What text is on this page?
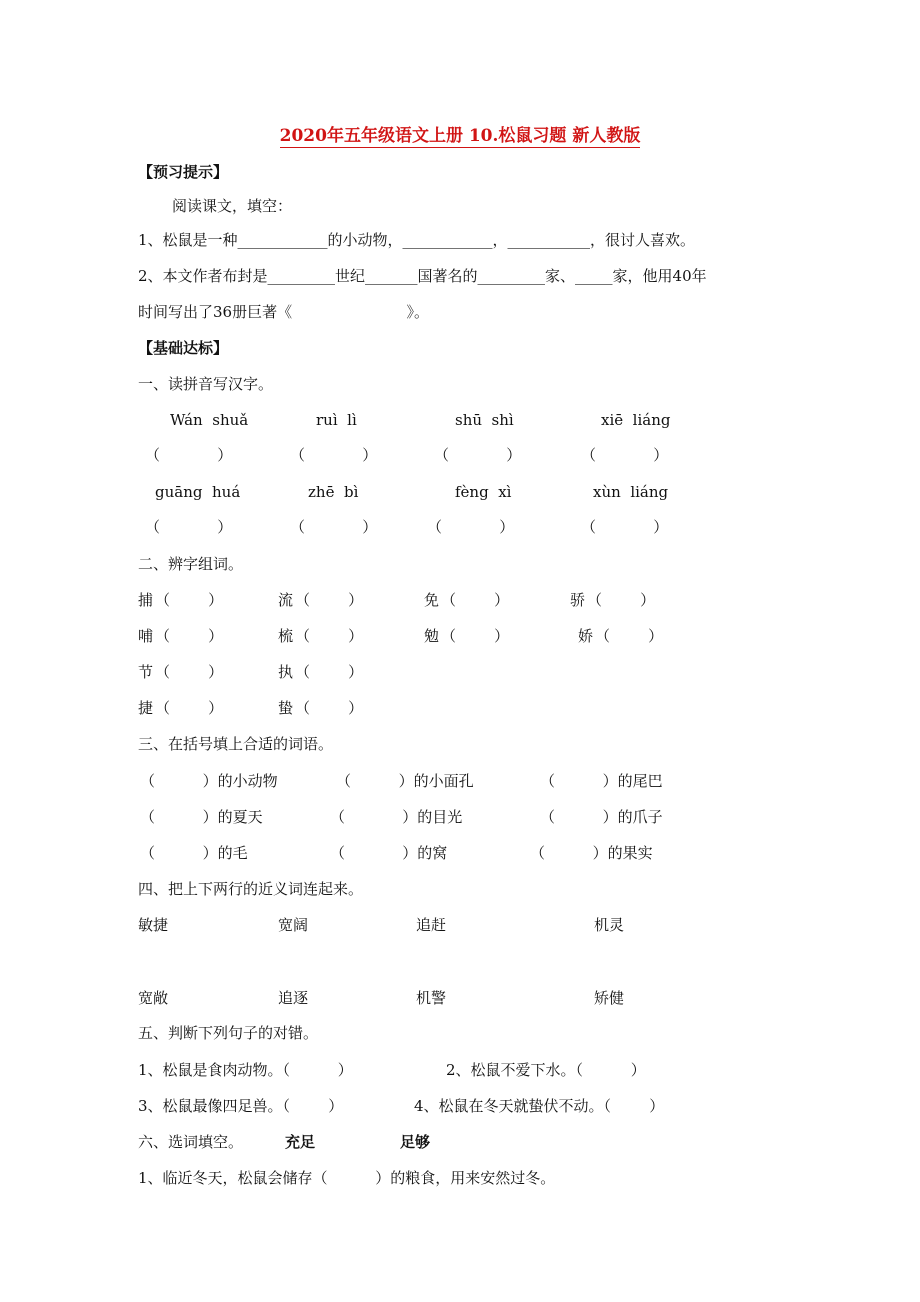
2020年五年级语文上册 10.松鼠习题 新人教版
【预习提示】
阅读课文，填空：
1、松鼠是一种____________的小动物，____________，___________，很讨人喜欢。
2、本文作者布封是_________世纪_______国著名的_________家、_____家，他用40年
时间写出了36册巨著《                        》。
【基础达标】
一、读拼音写汉字。
Wán  shuǎ	ruì  lì	shū  shì	xiē  liáng
（            ）	（            ）	（            ）	（            ）
guāng  huá	zhē  bì	fèng  xì	xùn  liáng
（            ）	（            ）	（            ）	（            ）
二、辨字组词。
捕 （        ）	流 （        ）	免 （        ）	骄 （        ）
哺 （        ）	梳 （        ）	勉 （        ）	娇 （        ）
节 （        ）	执 （        ）
捷 （        ）	蛰 （        ）
三、在括号填上合适的词语。
（          ）的小动物	（          ）的小面孔	（          ）的尾巴
（          ）的夏天	（            ）的目光	（          ）的爪子
（          ）的毛	（            ）的窝	（          ）的果实
四、把上下两行的近义词连起来。
敏捷	宽阔	追赶	机灵
宽敞	追逐	机警	矫健
五、判断下列句子的对错。
1、松鼠是食肉动物。（          ）	2、松鼠不爱下水。（          ）
3、松鼠最像四足兽。（        ）	4、松鼠在冬天就蛰伏不动。（        ）
六、选词填空。	充足	足够
1、临近冬天，松鼠会储存（          ）的粮食，用来安然过冬。
